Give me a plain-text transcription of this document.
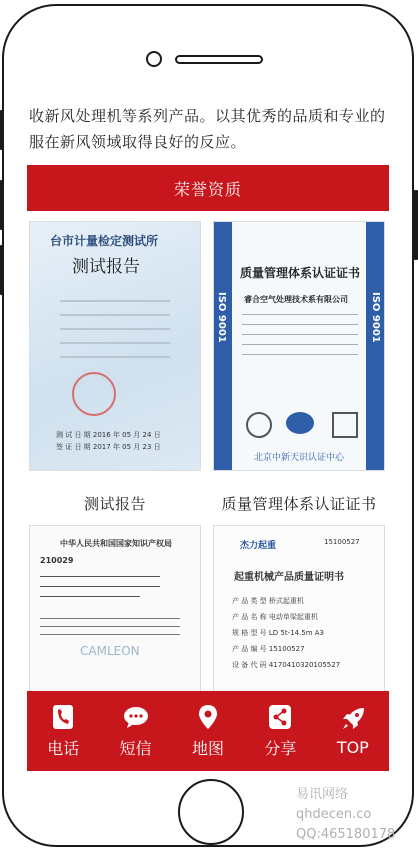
收新风处理机等系列产品。以其优秀的品质和专业的服在新风领域取得良好的反应。

荣誉资质
台市计量检定测试所
测试报告
测 试 日 期 2016 年 05 月 24 日
签 证 日 期 2017 年 05 月 23 日
ISO 9001	ISO 9001
质量管理体系认证证书
睿合空气处理技术系有限公司
北京中新天识认证中心
测试报告	质量管理体系认证证书
中华人民共和国国家知识产权局
210029
CAMLEON
杰力起重	15100527
起重机械产品质量证明书
产 品 类 型 桥式起重机
产 品 名 称 电动单梁起重机
规 格 型 号 LD 5t-14.5m A3
产 品 编 号 15100527
设 备 代 码 4170410320105527
电话	短信	地图	分享	TOP
易讯网络
qhdecen.co
QQ:465180178
